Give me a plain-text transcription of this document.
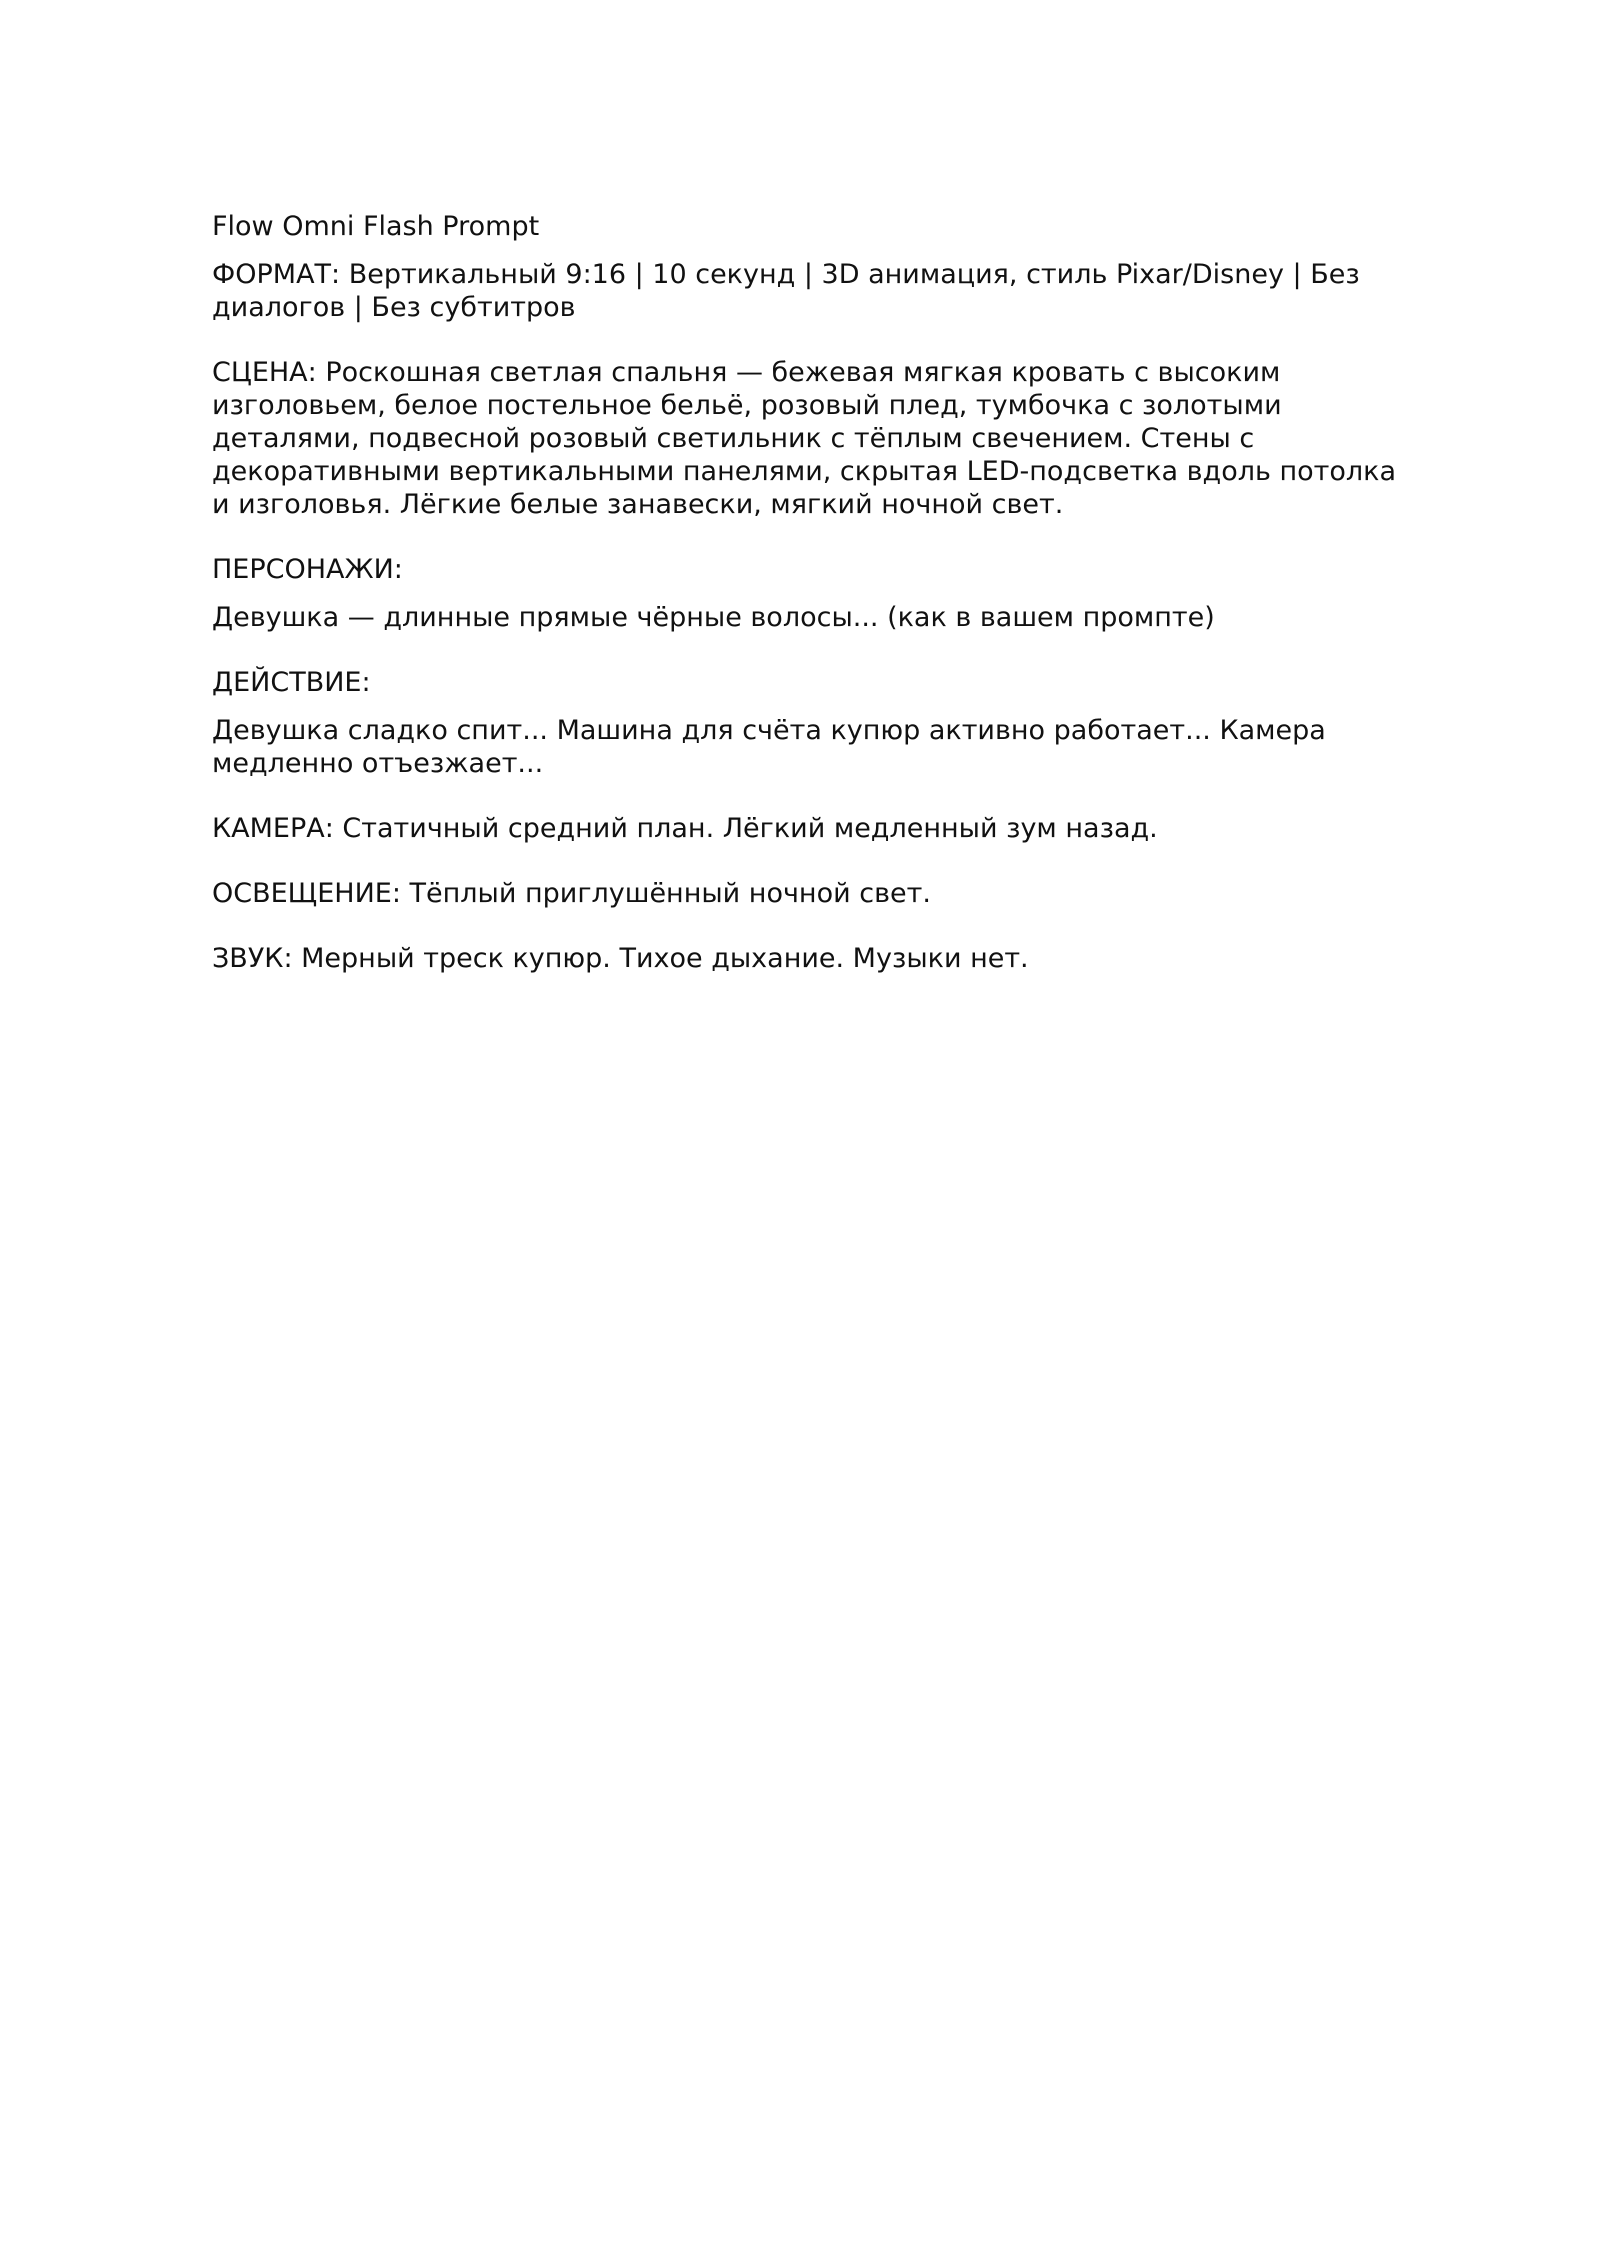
Flow Omni Flash Prompt

ФОРМАТ: Вертикальный 9:16 | 10 секунд | 3D анимация, стиль Pixar/Disney | Без диалогов | Без субтитров

СЦЕНА: Роскошная светлая спальня — бежевая мягкая кровать с высоким изголовьем, белое постельное бельё, розовый плед, тумбочка с золотыми деталями, подвесной розовый светильник с тёплым свечением. Стены с декоративными вертикальными панелями, скрытая LED-подсветка вдоль потолка и изголовья. Лёгкие белые занавески, мягкий ночной свет.

ПЕРСОНАЖИ:

Девушка — длинные прямые чёрные волосы... (как в вашем промпте)

ДЕЙСТВИЕ:

Девушка сладко спит... Машина для счёта купюр активно работает... Камера медленно отъезжает...

КАМЕРА: Статичный средний план. Лёгкий медленный зум назад.

ОСВЕЩЕНИЕ: Тёплый приглушённый ночной свет.

ЗВУК: Мерный треск купюр. Тихое дыхание. Музыки нет.
